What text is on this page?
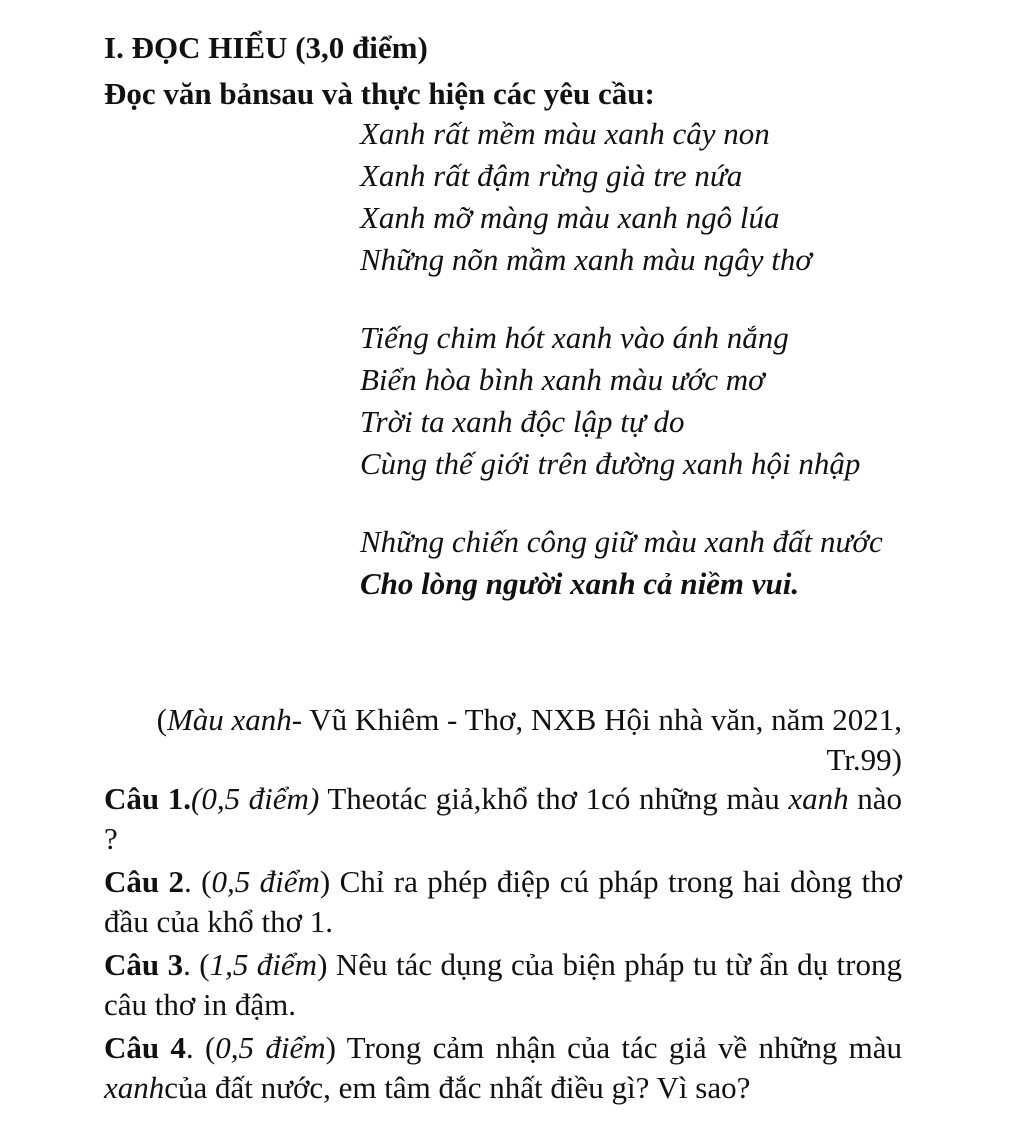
I. ĐỌC HIỂU (3,0 điểm)

Đọc văn bảnsau và thực hiện các yêu cầu:

Xanh rất mềm màu xanh cây non
Xanh rất đậm rừng già tre nứa
Xanh mỡ màng màu xanh ngô lúa
Những nõn mầm xanh màu ngây thơ
Tiếng chim hót xanh vào ánh nắng
Biển hòa bình xanh màu ước mơ
Trời ta xanh độc lập tự do
Cùng thế giới trên đường xanh hội nhập
Những chiến công giữ màu xanh đất nước
Cho lòng người xanh cả niềm vui.
(Màu xanh- Vũ Khiêm - Thơ, NXB Hội nhà văn, năm 2021,
Tr.99)

Câu 1.(0,5 điểm) Theotác giả,khổ thơ 1có những màu xanh nào ?

Câu 2. (0,5 điểm) Chỉ ra phép điệp cú pháp trong hai dòng thơ đầu của khổ thơ 1.

Câu 3. (1,5 điểm) Nêu tác dụng của biện pháp tu từ ẩn dụ trong câu thơ in đậm.

Câu 4. (0,5 điểm) Trong cảm nhận của tác giả về những màu xanhcủa đất nước, em tâm đắc nhất điều gì? Vì sao?
